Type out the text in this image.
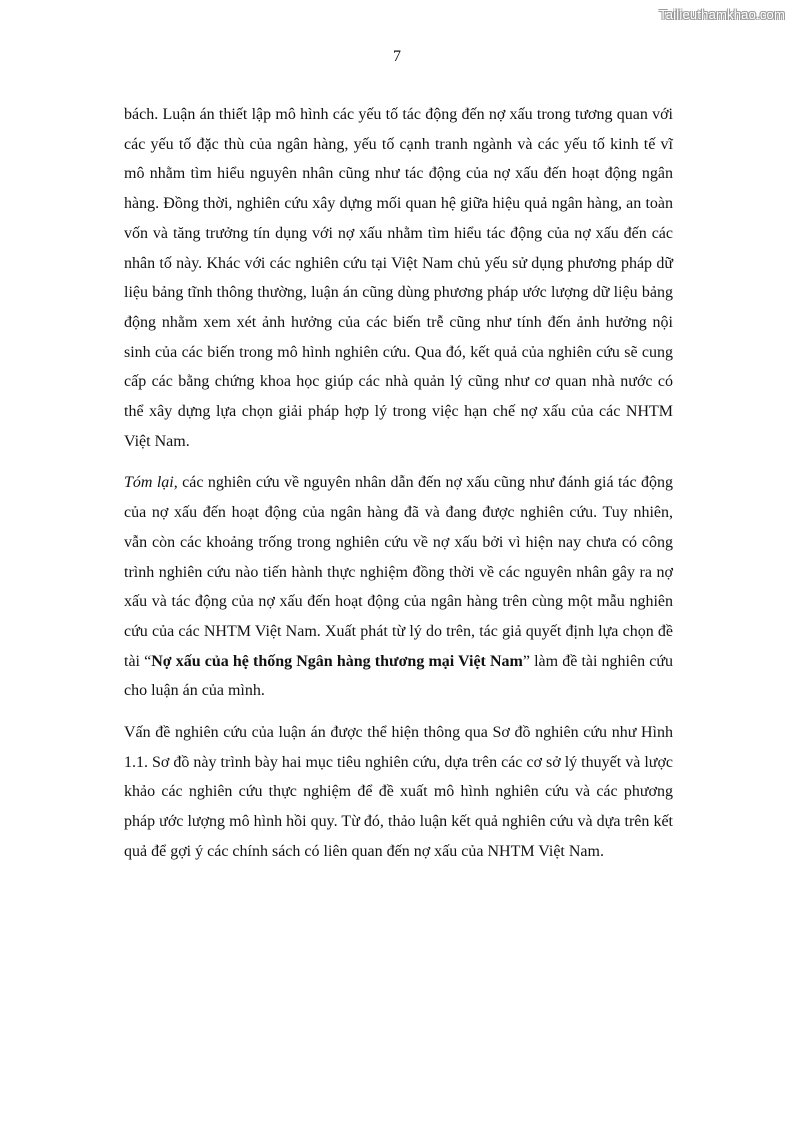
Tailieuthamkhao.com
7

bách. Luận án thiết lập mô hình các yếu tố tác động đến nợ xấu trong tương quan với các yếu tố đặc thù của ngân hàng, yếu tố cạnh tranh ngành và các yếu tố kinh tế vĩ mô nhằm tìm hiểu nguyên nhân cũng như tác động của nợ xấu đến hoạt động ngân hàng. Đồng thời, nghiên cứu xây dựng mối quan hệ giữa hiệu quả ngân hàng, an toàn vốn và tăng trưởng tín dụng với nợ xấu nhằm tìm hiểu tác động của nợ xấu đến các nhân tố này. Khác với các nghiên cứu tại Việt Nam chủ yếu sử dụng phương pháp dữ liệu bảng tĩnh thông thường, luận án cũng dùng phương pháp ước lượng dữ liệu bảng động nhằm xem xét ảnh hưởng của các biến trễ cũng như tính đến ảnh hưởng nội sinh của các biến trong mô hình nghiên cứu. Qua đó, kết quả của nghiên cứu sẽ cung cấp các bằng chứng khoa học giúp các nhà quản lý cũng như cơ quan nhà nước có thể xây dựng lựa chọn giải pháp hợp lý trong việc hạn chế nợ xấu của các NHTM Việt Nam.

Tóm lại, các nghiên cứu về nguyên nhân dẫn đến nợ xấu cũng như đánh giá tác động của nợ xấu đến hoạt động của ngân hàng đã và đang được nghiên cứu. Tuy nhiên, vẫn còn các khoảng trống trong nghiên cứu về nợ xấu bởi vì hiện nay chưa có công trình nghiên cứu nào tiến hành thực nghiệm đồng thời về các nguyên nhân gây ra nợ xấu và tác động của nợ xấu đến hoạt động của ngân hàng trên cùng một mẫu nghiên cứu của các NHTM Việt Nam. Xuất phát từ lý do trên, tác giả quyết định lựa chọn đề tài “Nợ xấu của hệ thống Ngân hàng thương mại Việt Nam” làm đề tài nghiên cứu cho luận án của mình.

Vấn đề nghiên cứu của luận án được thể hiện thông qua Sơ đồ nghiên cứu như Hình 1.1. Sơ đồ này trình bày hai mục tiêu nghiên cứu, dựa trên các cơ sở lý thuyết và lược khảo các nghiên cứu thực nghiệm để đề xuất mô hình nghiên cứu và các phương pháp ước lượng mô hình hồi quy. Từ đó, thảo luận kết quả nghiên cứu và dựa trên kết quả để gợi ý các chính sách có liên quan đến nợ xấu của NHTM Việt Nam.
